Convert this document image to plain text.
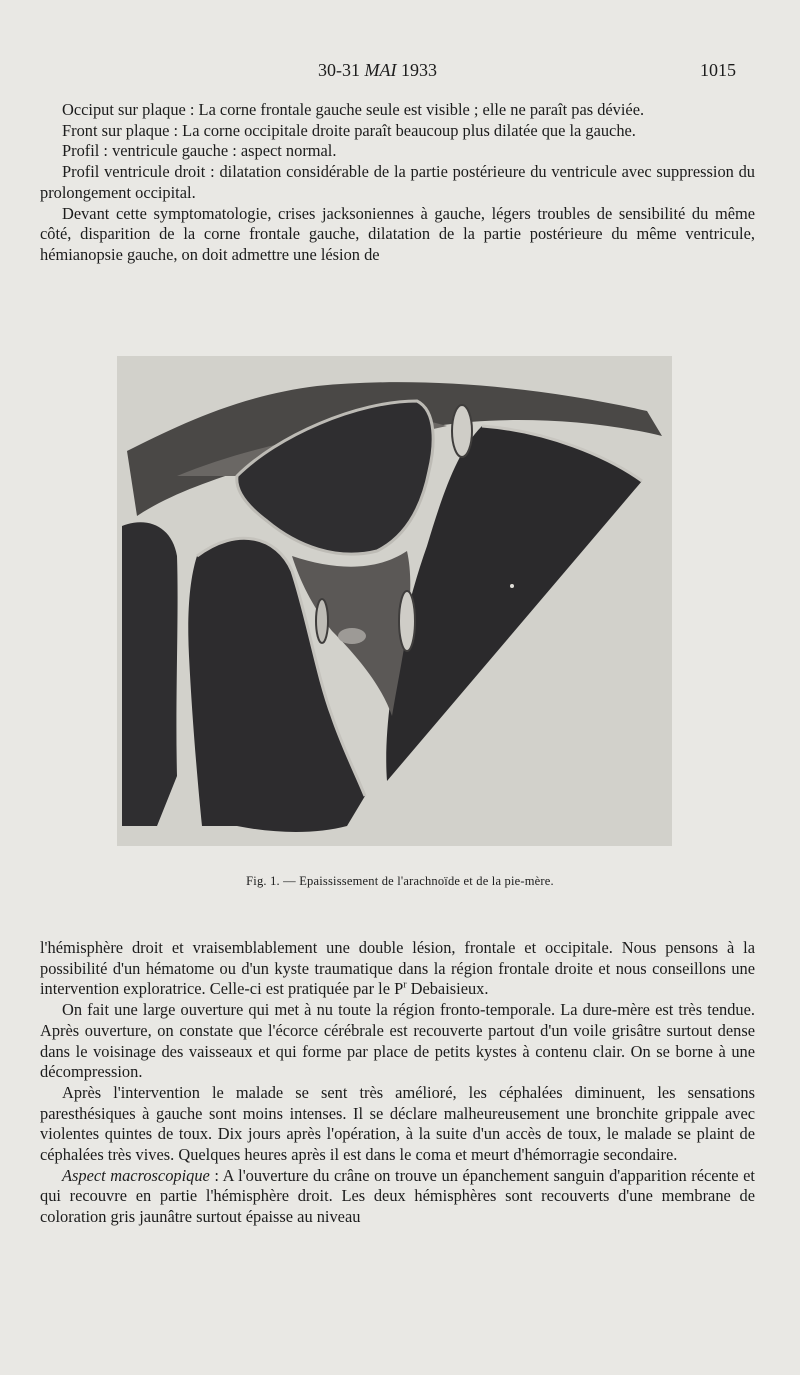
30-31 MAI 1933	1015

Occiput sur plaque : La corne frontale gauche seule est visible ; elle ne paraît pas déviée.

Front sur plaque : La corne occipitale droite paraît beaucoup plus dilatée que la gauche.

Profil : ventricule gauche : aspect normal.

Profil ventricule droit : dilatation considérable de la partie postérieure du ventricule avec suppression du prolongement occipital.

Devant cette symptomatologie, crises jacksoniennes à gauche, légers troubles de sensibilité du même côté, disparition de la corne frontale gauche, dilatation de la partie postérieure du même ventricule, hémianopsie gauche, on doit admettre une lésion de

Fig. 1. — Epaississement de l'arachnoïde et de la pie-mère.

l'hémisphère droit et vraisemblablement une double lésion, frontale et occipitale. Nous pensons à la possibilité d'un hématome ou d'un kyste traumatique dans la région frontale droite et nous conseillons une intervention exploratrice. Celle-ci est pratiquée par le $P^r$ Debaisieux.

On fait une large ouverture qui met à nu toute la région fronto-temporale. La dure-mère est très tendue. Après ouverture, on constate que l'écorce cérébrale est recouverte partout d'un voile grisâtre surtout dense dans le voisinage des vaisseaux et qui forme par place de petits kystes à contenu clair. On se borne à une décompression.

Après l'intervention le malade se sent très amélioré, les céphalées diminuent, les sensations paresthésiques à gauche sont moins intenses. Il se déclare malheureusement une bronchite grippale avec violentes quintes de toux. Dix jours après l'opération, à la suite d'un accès de toux, le malade se plaint de céphalées très vives. Quelques heures après il est dans le coma et meurt d'hémorragie secondaire.

Aspect macroscopique : A l'ouverture du crâne on trouve un épanchement sanguin d'apparition récente et qui recouvre en partie l'hémisphère droit. Les deux hémisphères sont recouverts d'une membrane de coloration gris jaunâtre surtout épaisse au niveau
